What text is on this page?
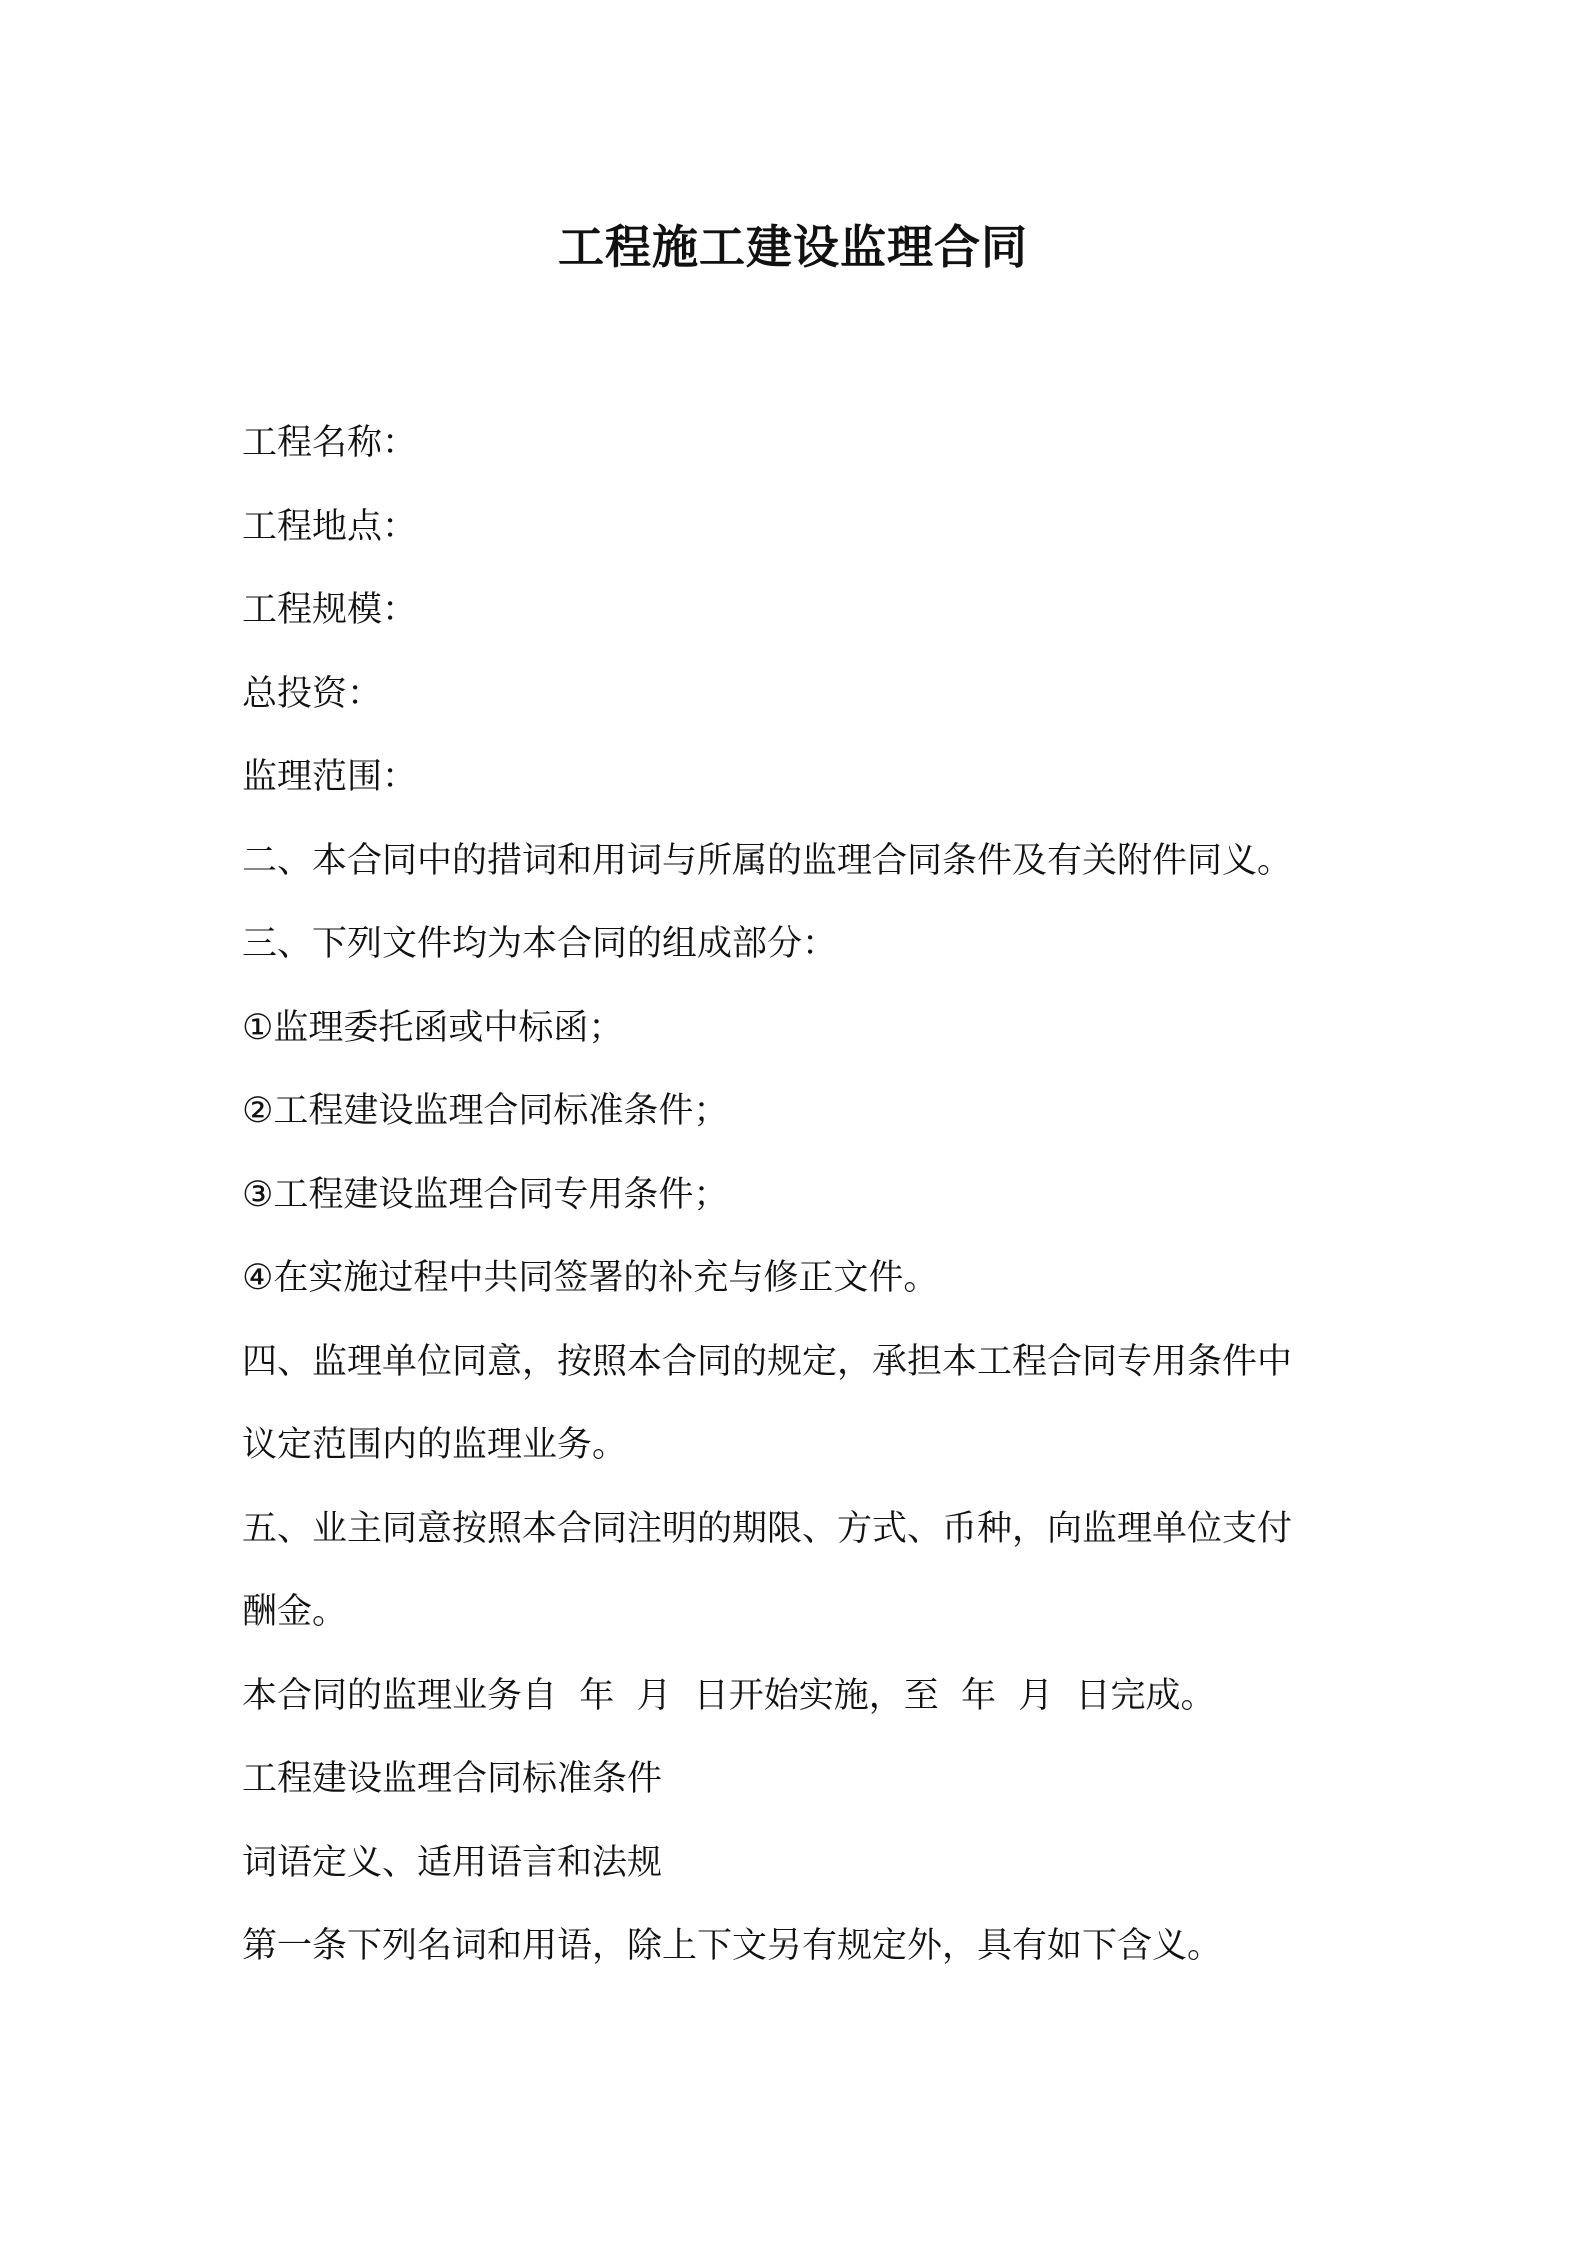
工程施工建设监理合同
工程名称：
工程地点：
工程规模：
总投资：
监理范围：
二、本合同中的措词和用词与所属的监理合同条件及有关附件同义。
三、下列文件均为本合同的组成部分：
①监理委托函或中标函；
②工程建设监理合同标准条件；
③工程建设监理合同专用条件；
④在实施过程中共同签署的补充与修正文件。
四、监理单位同意，按照本合同的规定，承担本工程合同专用条件中
议定范围内的监理业务。
五、业主同意按照本合同注明的期限、方式、币种，向监理单位支付
酬金。
本合同的监理业务自  年  月  日开始实施，至  年  月  日完成。
工程建设监理合同标准条件
词语定义、适用语言和法规
第一条下列名词和用语，除上下文另有规定外，具有如下含义。
